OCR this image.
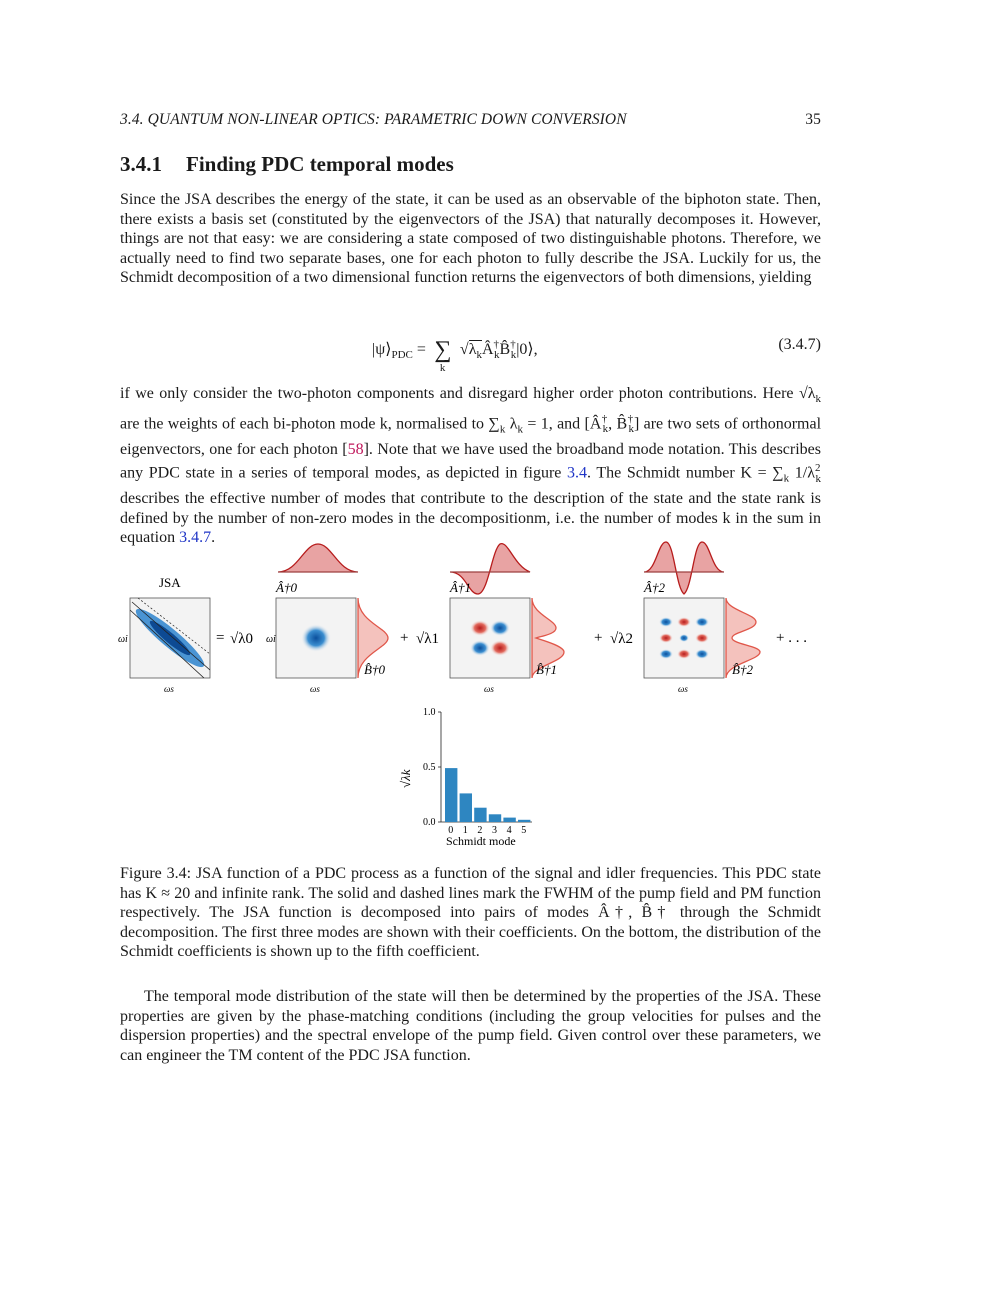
3.4. QUANTUM NON-LINEAR OPTICS: PARAMETRIC DOWN CONVERSION	35
3.4.1 Finding PDC temporal modes

Since the JSA describes the energy of the state, it can be used as an observable of the biphoton state. Then, there exists a basis set (constituted by the eigenvectors of the JSA) that naturally decomposes it. However, things are not that easy: we are considering a state composed of two distinguishable photons. Therefore, we actually need to find two separate bases, one for each photon to fully describe the JSA. Luckily for us, the Schmidt decomposition of a two dimensional function returns the eigenvectors of both dimensions, yielding

$|\psi⟩_{PDC}$ = ∑
k
$√\lambda_kÂ^\dagger_kB̂^\dagger_k|0⟩$,	(3.4.7)

if we only consider the two-photon components and disregard higher order photon contributions. Here $√\lambda_k$ are the weights of each bi-photon mode k, normalised to $\sum_k$ $\lambda_k = 1$, and [$Â^\dagger_k$, $B̂^\dagger_k$] are two sets of orthonormal eigenvectors, one for each photon [58]. Note that we have used the broadband mode notation. This describes any PDC state in a series of temporal modes, as depicted in figure 3.4. The Schmidt number $K = \sum_k$ $1/\lambda^2_k$ describes the effective number of modes that contribute to the description of the state and the state rank is defined by the number of non-zero modes in the decompositionm, i.e. the number of modes k in the sum in equation 3.4.7.

JSA
ωi
ωs
= √λ0 ωi
Â†0
B̂†0
ωs
+ √λ1
Â†1
B̂†1
ωs
+ √λ2
Â†2
B̂†2
ωs
+ . . .
√λk
Schmidt mode
0 1 2 3 4 5
0.0
0.5
1.0

Figure 3.4: JSA function of a PDC process as a function of the signal and idler frequencies. This PDC state has K ≈ 20 and infinite rank. The solid and dashed lines mark the FWHM of the pump field and PM function respectively. The JSA function is decomposed into pairs of modes Â†, B̂† through the Schmidt decomposition. The first three modes are shown with their coefficients. On the bottom, the distribution of the Schmidt coefficients is shown up to the fifth coefficient.

The temporal mode distribution of the state will then be determined by the properties of the JSA. These properties are given by the phase-matching conditions (including the group velocities for pulses and the dispersion properties) and the spectral envelope of the pump field. Given control over these parameters, we can engineer the TM content of the PDC JSA function.
